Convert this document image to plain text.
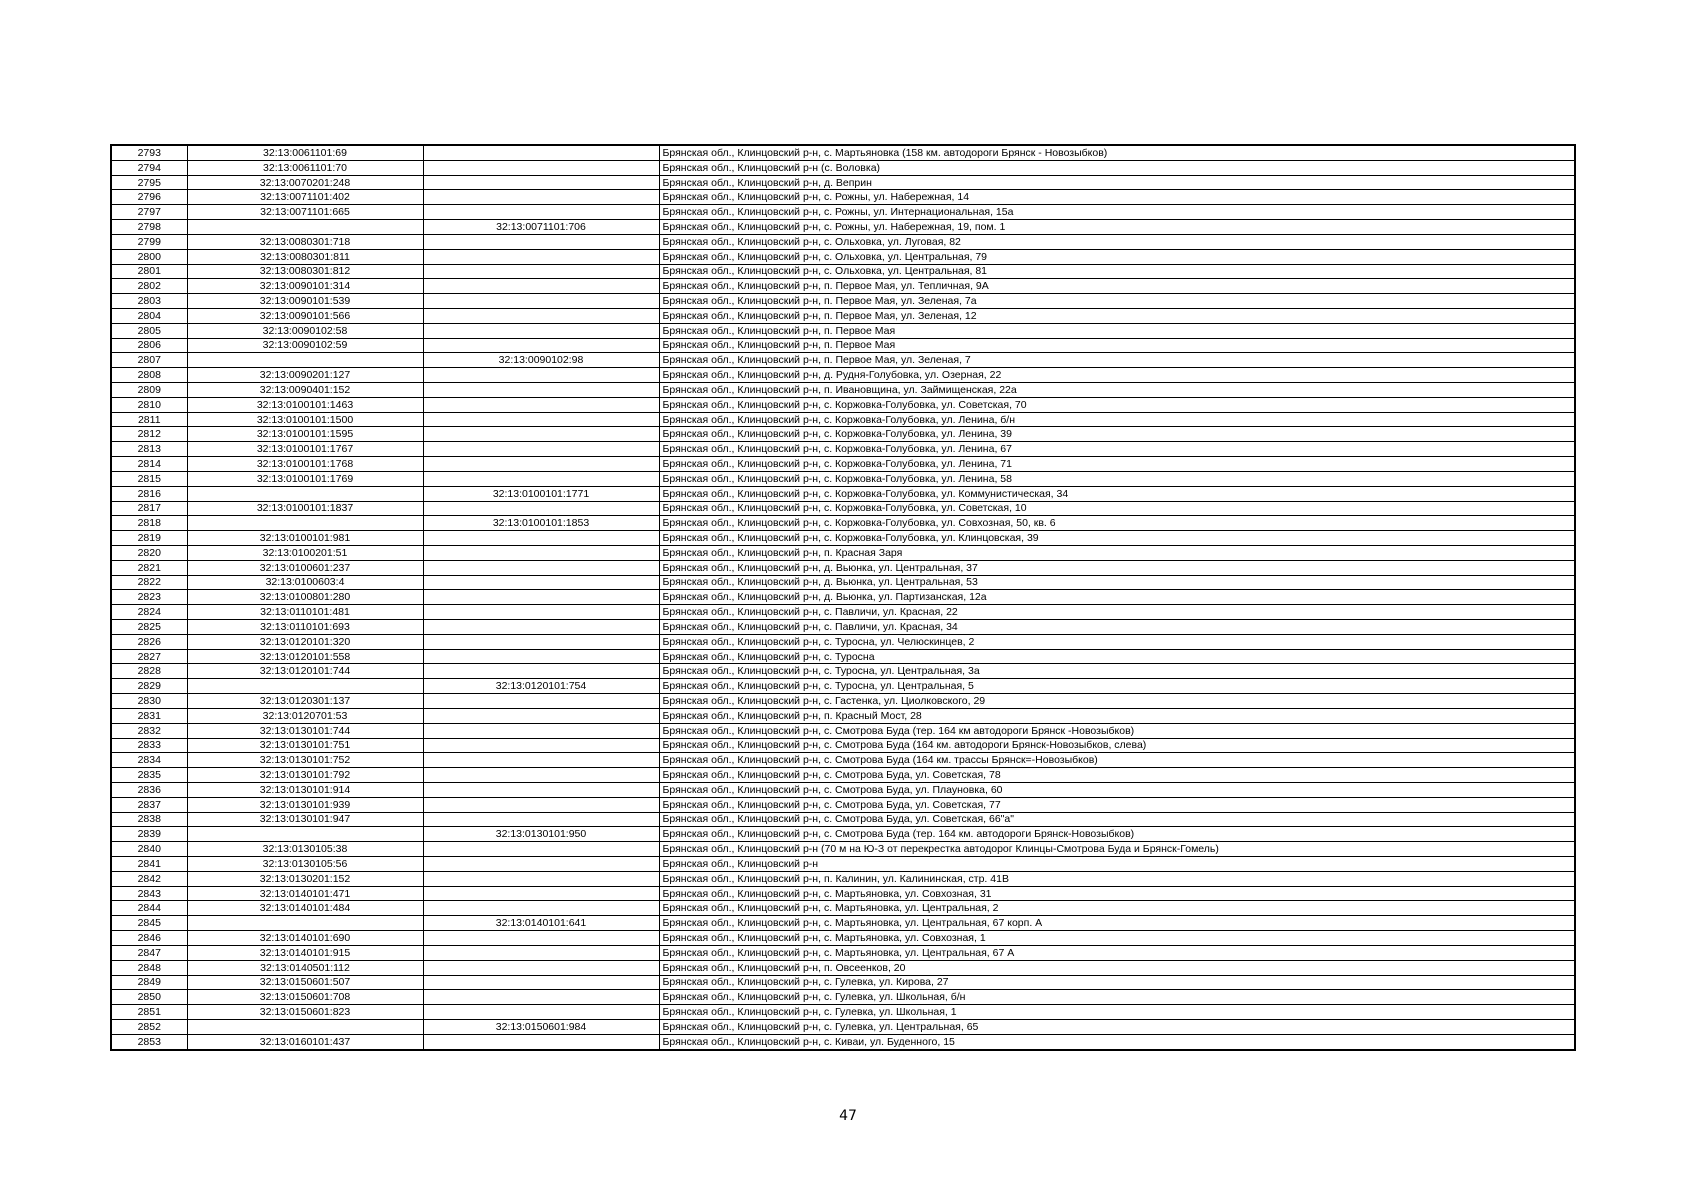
2793	32:13:0061101:69		Брянская обл., Клинцовский р-н, с. Мартьяновка (158 км. автодороги Брянск - Новозыбков)
2794	32:13:0061101:70		Брянская обл., Клинцовский р-н (с. Воловка)
2795	32:13:0070201:248		Брянская обл., Клинцовский р-н, д. Веприн
2796	32:13:0071101:402		Брянская обл., Клинцовский р-н, с. Рожны, ул. Набережная, 14
2797	32:13:0071101:665		Брянская обл., Клинцовский р-н, с. Рожны, ул. Интернациональная, 15а
2798		32:13:0071101:706	Брянская обл., Клинцовский р-н, с. Рожны, ул. Набережная, 19, пом. 1
2799	32:13:0080301:718		Брянская обл., Клинцовский р-н, с. Ольховка, ул. Луговая, 82
2800	32:13:0080301:811		Брянская обл., Клинцовский р-н, с. Ольховка, ул. Центральная, 79
2801	32:13:0080301:812		Брянская обл., Клинцовский р-н, с. Ольховка, ул. Центральная, 81
2802	32:13:0090101:314		Брянская обл., Клинцовский р-н, п. Первое Мая, ул. Тепличная, 9А
2803	32:13:0090101:539		Брянская обл., Клинцовский р-н, п. Первое Мая, ул. Зеленая, 7а
2804	32:13:0090101:566		Брянская обл., Клинцовский р-н, п. Первое Мая, ул. Зеленая, 12
2805	32:13:0090102:58		Брянская обл., Клинцовский р-н, п. Первое Мая
2806	32:13:0090102:59		Брянская обл., Клинцовский р-н, п. Первое Мая
2807		32:13:0090102:98	Брянская обл., Клинцовский р-н, п. Первое Мая, ул. Зеленая, 7
2808	32:13:0090201:127		Брянская обл., Клинцовский р-н, д. Рудня-Голубовка, ул. Озерная, 22
2809	32:13:0090401:152		Брянская обл., Клинцовский р-н, п. Ивановщина, ул. Займищенская, 22а
2810	32:13:0100101:1463		Брянская обл., Клинцовский р-н, с. Коржовка-Голубовка, ул. Советская, 70
2811	32:13:0100101:1500		Брянская обл., Клинцовский р-н, с. Коржовка-Голубовка, ул. Ленина, б/н
2812	32:13:0100101:1595		Брянская обл., Клинцовский р-н, с. Коржовка-Голубовка, ул. Ленина, 39
2813	32:13:0100101:1767		Брянская обл., Клинцовский р-н, с. Коржовка-Голубовка, ул. Ленина, 67
2814	32:13:0100101:1768		Брянская обл., Клинцовский р-н, с. Коржовка-Голубовка, ул. Ленина, 71
2815	32:13:0100101:1769		Брянская обл., Клинцовский р-н, с. Коржовка-Голубовка, ул. Ленина, 58
2816		32:13:0100101:1771	Брянская обл., Клинцовский р-н, с. Коржовка-Голубовка, ул. Коммунистическая, 34
2817	32:13:0100101:1837		Брянская обл., Клинцовский р-н, с. Коржовка-Голубовка, ул. Советская, 10
2818		32:13:0100101:1853	Брянская обл., Клинцовский р-н, с. Коржовка-Голубовка, ул. Совхозная, 50, кв. 6
2819	32:13:0100101:981		Брянская обл., Клинцовский р-н, с. Коржовка-Голубовка, ул. Клинцовская, 39
2820	32:13:0100201:51		Брянская обл., Клинцовский р-н, п. Красная Заря
2821	32:13:0100601:237		Брянская обл., Клинцовский р-н, д. Вьюнка, ул. Центральная, 37
2822	32:13:0100603:4		Брянская обл., Клинцовский р-н, д. Вьюнка, ул. Центральная, 53
2823	32:13:0100801:280		Брянская обл., Клинцовский р-н, д. Вьюнка, ул. Партизанская, 12а
2824	32:13:0110101:481		Брянская обл., Клинцовский р-н, с. Павличи, ул. Красная, 22
2825	32:13:0110101:693		Брянская обл., Клинцовский р-н, с. Павличи, ул. Красная, 34
2826	32:13:0120101:320		Брянская обл., Клинцовский р-н, с. Туросна, ул. Челюскинцев, 2
2827	32:13:0120101:558		Брянская обл., Клинцовский р-н, с. Туросна
2828	32:13:0120101:744		Брянская обл., Клинцовский р-н, с. Туросна, ул. Центральная, 3а
2829		32:13:0120101:754	Брянская обл., Клинцовский р-н, с. Туросна, ул. Центральная, 5
2830	32:13:0120301:137		Брянская обл., Клинцовский р-н, с. Гастенка, ул. Циолковского, 29
2831	32:13:0120701:53		Брянская обл., Клинцовский р-н, п. Красный Мост, 28
2832	32:13:0130101:744		Брянская обл., Клинцовский р-н, с. Смотрова Буда (тер. 164 км автодороги Брянск -Новозыбков)
2833	32:13:0130101:751		Брянская обл., Клинцовский р-н, с. Смотрова Буда (164 км. автодороги Брянск-Новозыбков, слева)
2834	32:13:0130101:752		Брянская обл., Клинцовский р-н, с. Смотрова Буда (164 км. трассы Брянск=-Новозыбков)
2835	32:13:0130101:792		Брянская обл., Клинцовский р-н, с. Смотрова Буда, ул. Советская, 78
2836	32:13:0130101:914		Брянская обл., Клинцовский р-н, с. Смотрова Буда, ул. Плауновка, 60
2837	32:13:0130101:939		Брянская обл., Клинцовский р-н, с. Смотрова Буда, ул. Советская, 77
2838	32:13:0130101:947		Брянская обл., Клинцовский р-н, с. Смотрова Буда, ул. Советская, 66"а"
2839		32:13:0130101:950	Брянская обл., Клинцовский р-н, с. Смотрова Буда (тер. 164 км. автодороги Брянск-Новозыбков)
2840	32:13:0130105:38		Брянская обл., Клинцовский р-н (70 м на Ю-З от перекрестка автодорог Клинцы-Смотрова Буда и Брянск-Гомель)
2841	32:13:0130105:56		Брянская обл., Клинцовский р-н
2842	32:13:0130201:152		Брянская обл., Клинцовский р-н, п. Калинин, ул. Калининская, стр. 41В
2843	32:13:0140101:471		Брянская обл., Клинцовский р-н, с. Мартьяновка, ул. Совхозная, 31
2844	32:13:0140101:484		Брянская обл., Клинцовский р-н, с. Мартьяновка, ул. Центральная, 2
2845		32:13:0140101:641	Брянская обл., Клинцовский р-н, с. Мартьяновка, ул. Центральная, 67 корп. А
2846	32:13:0140101:690		Брянская обл., Клинцовский р-н, с. Мартьяновка, ул. Совхозная, 1
2847	32:13:0140101:915		Брянская обл., Клинцовский р-н, с. Мартьяновка, ул. Центральная, 67 А
2848	32:13:0140501:112		Брянская обл., Клинцовский р-н, п. Овсеенков, 20
2849	32:13:0150601:507		Брянская обл., Клинцовский р-н, с. Гулевка, ул. Кирова, 27
2850	32:13:0150601:708		Брянская обл., Клинцовский р-н, с. Гулевка, ул. Школьная, б/н
2851	32:13:0150601:823		Брянская обл., Клинцовский р-н, с. Гулевка, ул. Школьная, 1
2852		32:13:0150601:984	Брянская обл., Клинцовский р-н, с. Гулевка, ул. Центральная, 65
2853	32:13:0160101:437		Брянская обл., Клинцовский р-н, с. Киваи, ул. Буденного, 15
47
